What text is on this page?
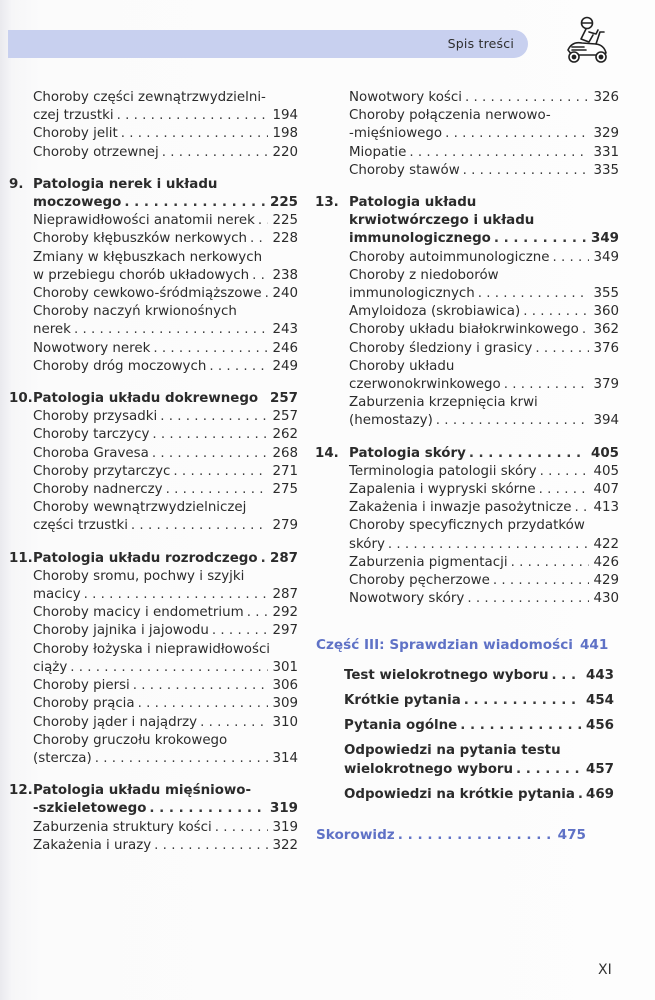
Spis treści
Choroby części zewnątrzwydzielni-
czej trzustki . . .	194
Choroby jelit . . .	198
Choroby otrzewnej . . .	220
9. Patologia nerek i układu
moczowego . . .	225
Nieprawidłowości anatomii nerek . . . 225
Choroby kłębuszków nerkowych . . . 228
Zmiany w kłębuszkach nerkowych
w przebiegu chorób układowych . . . 238
Choroby cewkowo-śródmiąższowe . . . 240
Choroby naczyń krwionośnych
nerek . . .	243
Nowotwory nerek . . .	246
Choroby dróg moczowych . . .	249
10. Patologia układu dokrewnego 257
Choroby przysadki . . .	257
Choroby tarczycy . . .	262
Choroba Gravesa . . .	268
Choroby przytarczyc . . .	271
Choroby nadnerczy . . .	275
Choroby wewnątrzwydzielniczej
części trzustki . . .	279
11. Patologia układu rozrodczego . . . 287
Choroby sromu, pochwy i szyjki
macicy . . .	287
Choroby macicy i endometrium . . . 292
Choroby jajnika i jajowodu . . .	297
Choroby łożyska i nieprawidłowości
ciąży . . .	301
Choroby piersi . . .	306
Choroby prącia . . .	309
Choroby jąder i najądrzy . . .	310
Choroby gruczołu krokowego
(stercza) . . .	314
12. Patologia układu mięśniowo-
-szkieletowego . . .	319
Zaburzenia struktury kości . . .	319
Zakażenia i urazy . . .	322
Nowotwory kości . . .	326
Choroby połączenia nerwowo-
-mięśniowego . . .	329
Miopatie . . .	331
Choroby stawów . . .	335
13. Patologia układu
krwiotwórczego i układu
immunologicznego . . .	349
Choroby autoimmunologiczne . . .	349
Choroby z niedoborów
immunologicznych . . .	355
Amyloidoza (skrobiawica) . . .	360
Choroby układu białokrwinkowego . . . 362
Choroby śledziony i grasicy . . .	376
Choroby układu
czerwonokrwinkowego . . .	379
Zaburzenia krzepnięcia krwi
(hemostazy) . . .	394
14. Patologia skóry . . .	405
Terminologia patologii skóry . . .	405
Zapalenia i wypryski skórne . . .	407
Zakażenia i inwazje pasożytnicze . . . 413
Choroby specyficznych przydatków
skóry . . .	422
Zaburzenia pigmentacji . . .	426
Choroby pęcherzowe . . .	429
Nowotwory skóry . . .	430
Część III: Sprawdzian wiadomości 441
Test wielokrotnego wyboru . . .	443
Krótkie pytania . . .	454
Pytania ogólne . . .	456
Odpowiedzi na pytania testu
wielokrotnego wyboru . . .	457
Odpowiedzi na krótkie pytania . . . 469
Skorowidz . . .	475
XI
